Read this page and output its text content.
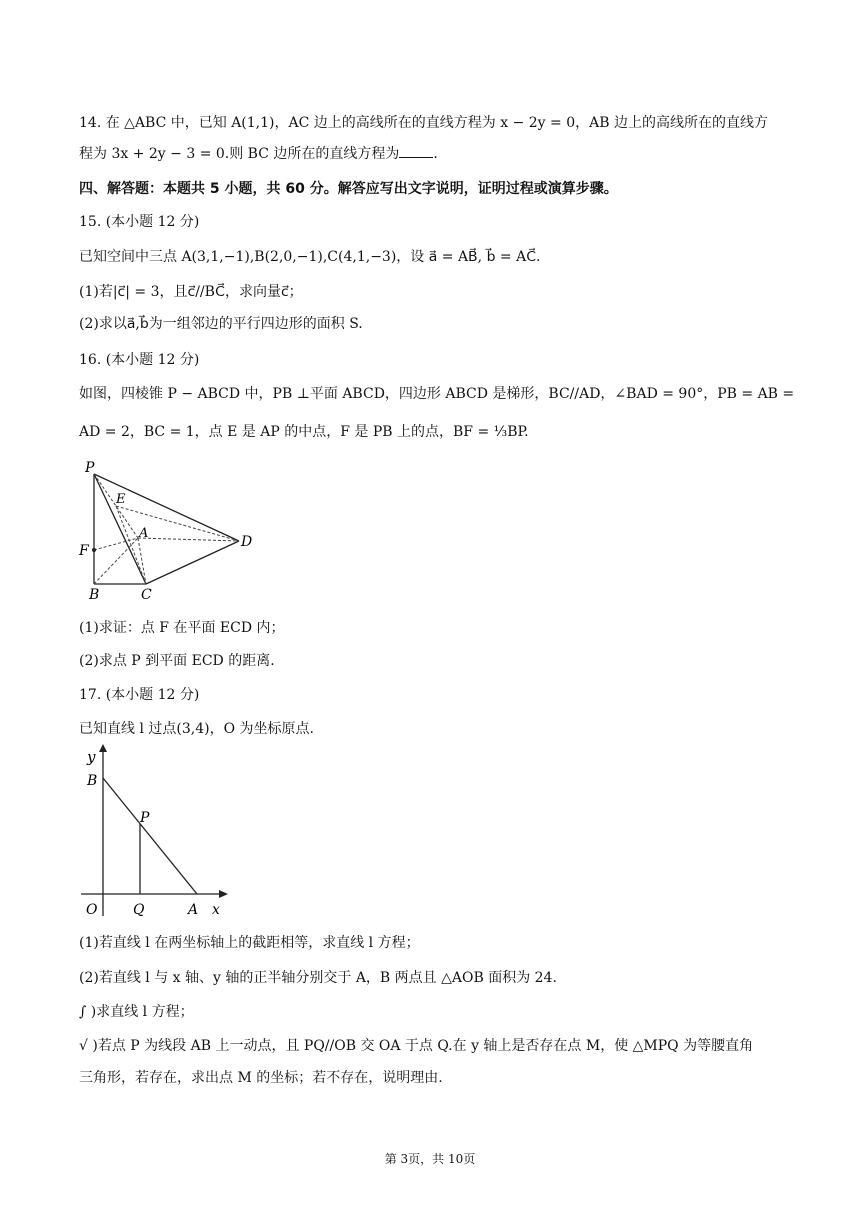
14. 在 △ABC 中，已知 A(1,1)，AC 边上的高线所在的直线方程为 x − 2y = 0，AB 边上的高线所在的直线方
程为 3x + 2y − 3 = 0.则 BC 边所在的直线方程为 .
四、解答题：本题共 5 小题，共 60 分。解答应写出文字说明，证明过程或演算步骤。
15. (本小题 12 分)
已知空间中三点 A(3,1,−1),B(2,0,−1),C(4,1,−3)，设 a⃗ = AB⃗, b⃗ = AC⃗.
(1)若|c⃗| = 3，且c⃗//BC⃗，求向量c⃗；
(2)求以a⃗,b⃗为一组邻边的平行四边形的面积 S.
16. (本小题 12 分)
如图，四棱锥 P − ABCD 中，PB ⊥平面 ABCD，四边形 ABCD 是梯形，BC//AD，∠BAD = 90°，PB = AB =
AD = 2，BC = 1，点 E 是 AP 的中点，F 是 PB 上的点，BF = ⅓BP.
P
E
A
D
F
B	C
(1)求证：点 F 在平面 ECD 内；
(2)求点 P 到平面 ECD 的距离.
17. (本小题 12 分)
已知直线 l 过点(3,4)，O 为坐标原点.
y
B
P
O	Q	A x
(1)若直线 l 在两坐标轴上的截距相等，求直线 l 方程；
(2)若直线 l 与 x 轴、y 轴的正半轴分别交于 A，B 两点且 △AOB 面积为 24.
∫ )求直线 l 方程；
√ )若点 P 为线段 AB 上一动点，且 PQ//OB 交 OA 于点 Q.在 y 轴上是否存在点 M，使 △MPQ 为等腰直角
三角形，若存在，求出点 M 的坐标；若不存在，说明理由.
第 3页，共 10页
